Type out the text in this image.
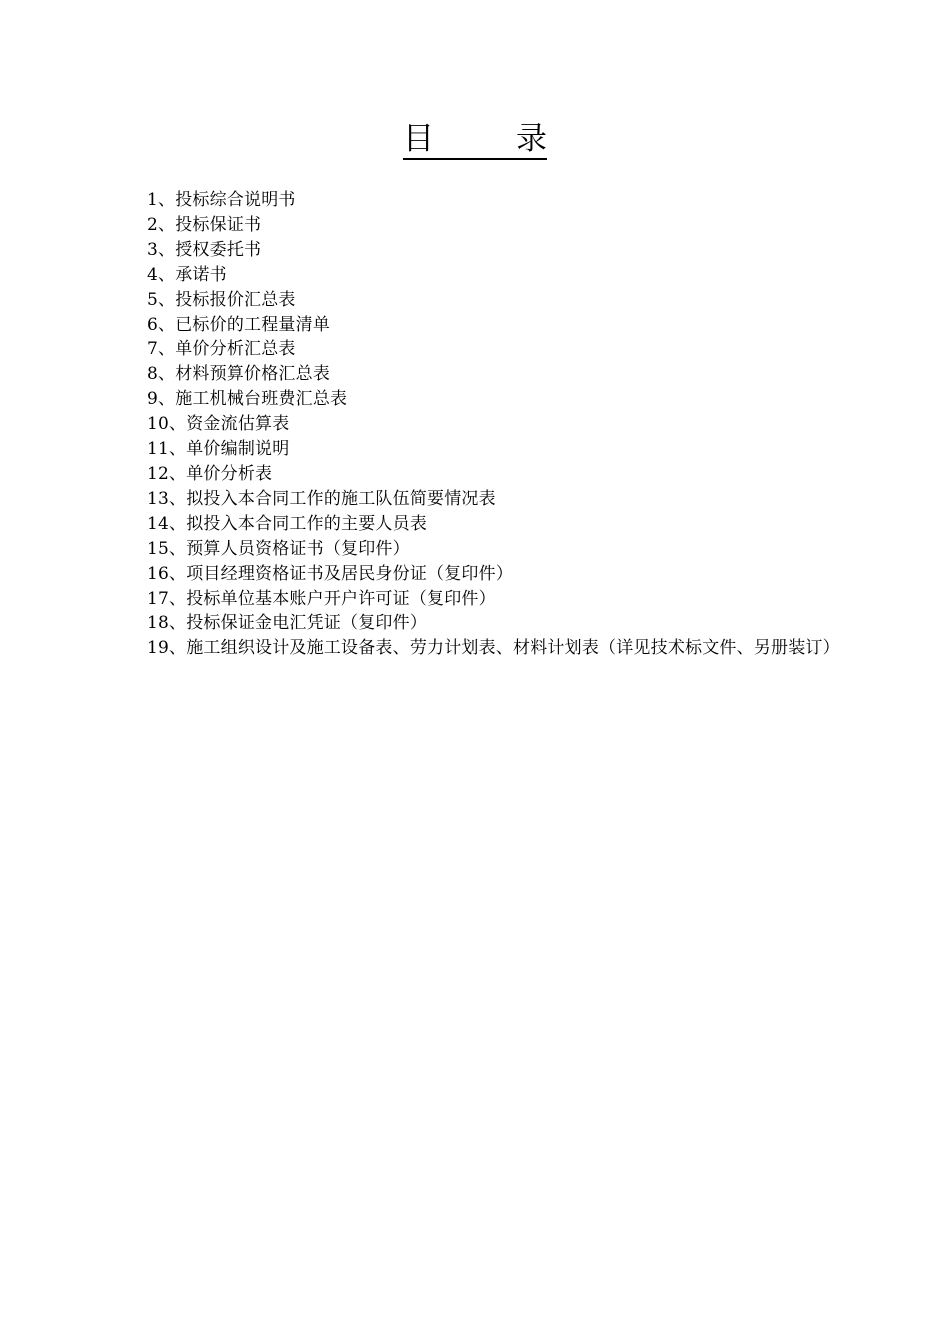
目	录
1、投标综合说明书
2、投标保证书
3、授权委托书
4、承诺书
5、投标报价汇总表
6、已标价的工程量清单
7、单价分析汇总表
8、材料预算价格汇总表
9、施工机械台班费汇总表
10、资金流估算表
11、单价编制说明
12、单价分析表
13、拟投入本合同工作的施工队伍简要情况表
14、拟投入本合同工作的主要人员表
15、预算人员资格证书（复印件）
16、项目经理资格证书及居民身份证（复印件）
17、投标单位基本账户开户许可证（复印件）
18、投标保证金电汇凭证（复印件）
19、施工组织设计及施工设备表、劳力计划表、材料计划表（详见技术标文件、另册装订）
